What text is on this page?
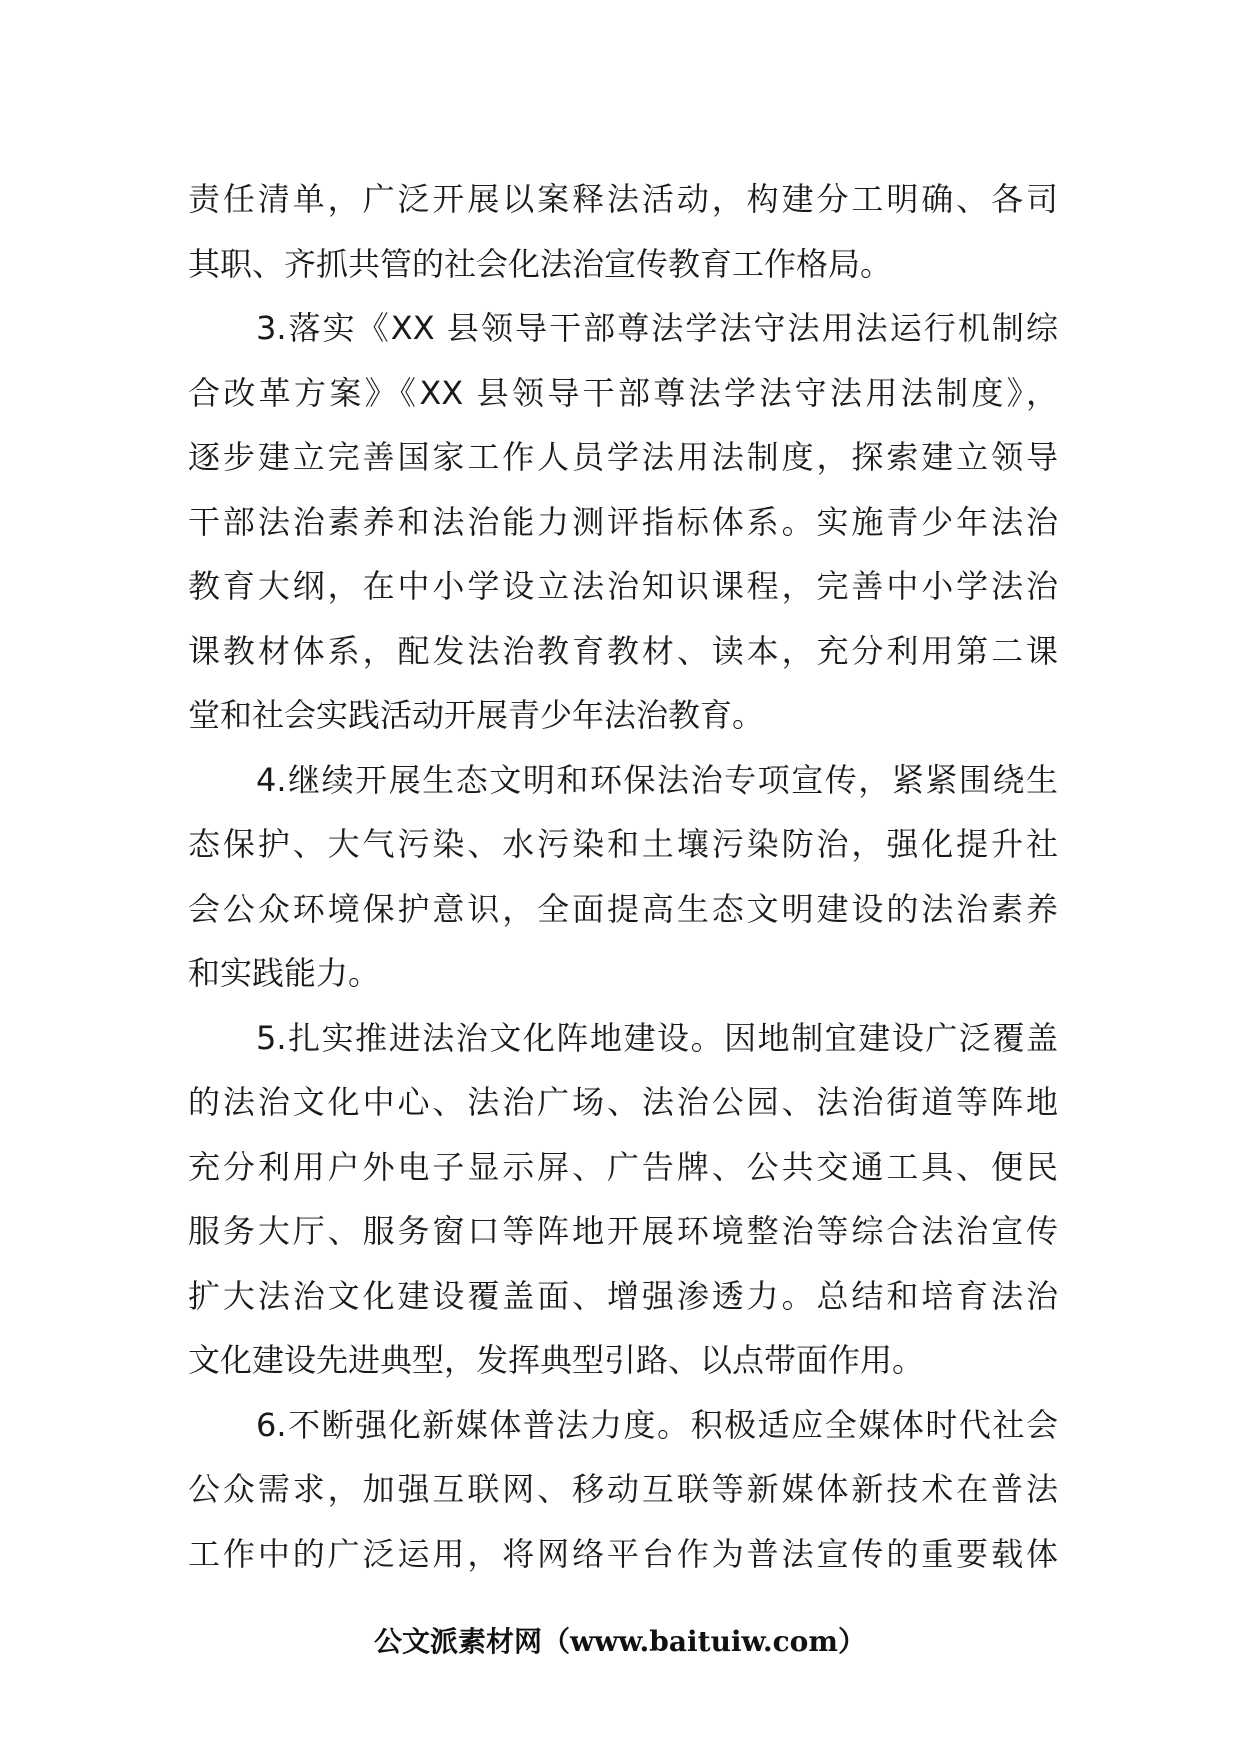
责任清单，广泛开展以案释法活动，构建分工明确、各司
其职、齐抓共管的社会化法治宣传教育工作格局。
3.落实《XX 县领导干部尊法学法守法用法运行机制综
合改革方案》《XX 县领导干部尊法学法守法用法制度》，
逐步建立完善国家工作人员学法用法制度，探索建立领导
干部法治素养和法治能力测评指标体系。实施青少年法治
教育大纲，在中小学设立法治知识课程，完善中小学法治
课教材体系，配发法治教育教材、读本，充分利用第二课
堂和社会实践活动开展青少年法治教育。
4.继续开展生态文明和环保法治专项宣传，紧紧围绕生
态保护、大气污染、水污染和土壤污染防治，强化提升社
会公众环境保护意识，全面提高生态文明建设的法治素养
和实践能力。
5.扎实推进法治文化阵地建设。因地制宜建设广泛覆盖
的法治文化中心、法治广场、法治公园、法治街道等阵地
充分利用户外电子显示屏、广告牌、公共交通工具、便民
服务大厅、服务窗口等阵地开展环境整治等综合法治宣传
扩大法治文化建设覆盖面、增强渗透力。总结和培育法治
文化建设先进典型，发挥典型引路、以点带面作用。
6.不断强化新媒体普法力度。积极适应全媒体时代社会
公众需求，加强互联网、移动互联等新媒体新技术在普法
工作中的广泛运用，将网络平台作为普法宣传的重要载体
公文派素材网（www.baituiw.com）
